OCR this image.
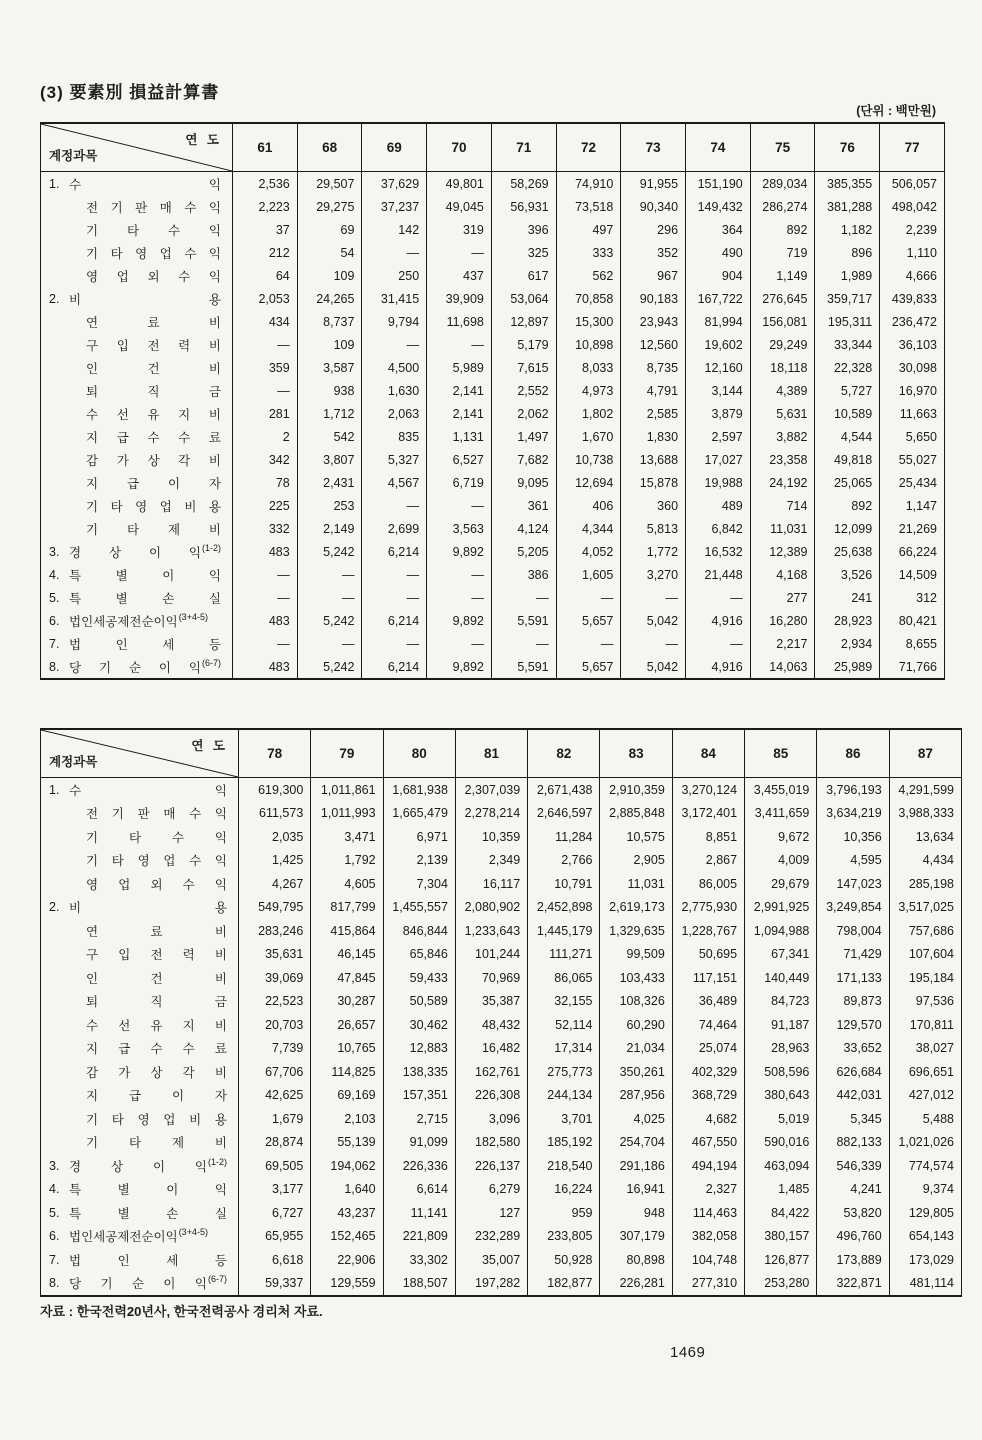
(3) 要素別 損益計算書
(단위 : 백만원)
연 도
계정과목	61	68	69	70	71	72	73	74	75	76	77

1. 수 익	2,536	29,507	37,629	49,801	58,269	74,910	91,955	151,190	289,034	385,355	506,057

전 기 판 매 수 익	2,223	29,275	37,237	49,045	56,931	73,518	90,340	149,432	286,274	381,288	498,042

기 타 수 익	37	69	142	319	396	497	296	364	892	1,182	2,239

기 타 영 업 수 익	212	54	—	—	325	333	352	490	719	896	1,110

영 업 외 수 익	64	109	250	437	617	562	967	904	1,149	1,989	4,666

2. 비 용	2,053	24,265	31,415	39,909	53,064	70,858	90,183	167,722	276,645	359,717	439,833

연 료 비	434	8,737	9,794	11,698	12,897	15,300	23,943	81,994	156,081	195,311	236,472

구 입 전 력 비	—	109	—	—	5,179	10,898	12,560	19,602	29,249	33,344	36,103

인 건 비	359	3,587	4,500	5,989	7,615	8,033	8,735	12,160	18,118	22,328	30,098

퇴 직 금	—	938	1,630	2,141	2,552	4,973	4,791	3,144	4,389	5,727	16,970

수 선 유 지 비	281	1,712	2,063	2,141	2,062	1,802	2,585	3,879	5,631	10,589	11,663

지 급 수 수 료	2	542	835	1,131	1,497	1,670	1,830	2,597	3,882	4,544	5,650

감 가 상 각 비	342	3,807	5,327	6,527	7,682	10,738	13,688	17,027	23,358	49,818	55,027

지 급 이 자	78	2,431	4,567	6,719	9,095	12,694	15,878	19,988	24,192	25,065	25,434

기 타 영 업 비 용	225	253	—	—	361	406	360	489	714	892	1,147

기 타 제 비	332	2,149	2,699	3,563	4,124	4,344	5,813	6,842	11,031	12,099	21,269

3. 경 상 이 익 (1-2)	483	5,242	6,214	9,892	5,205	4,052	1,772	16,532	12,389	25,638	66,224

4. 특 별 이 익	—	—	—	—	386	1,605	3,270	21,448	4,168	3,526	14,509

5. 특 별 손 실	—	—	—	—	—	—	—	—	277	241	312

6. 법인세공제전순이익 (3+4-5)	483	5,242	6,214	9,892	5,591	5,657	5,042	4,916	16,280	28,923	80,421

7. 법 인 세 등	—	—	—	—	—	—	—	—	2,217	2,934	8,655

8. 당 기 순 이 익 (6-7)	483	5,242	6,214	9,892	5,591	5,657	5,042	4,916	14,063	25,989	71,766
연 도
계정과목	78	79	80	81	82	83	84	85	86	87

1. 수 익	619,300	1,011,861	1,681,938	2,307,039	2,671,438	2,910,359	3,270,124	3,455,019	3,796,193	4,291,599

전 기 판 매 수 익	611,573	1,011,993	1,665,479	2,278,214	2,646,597	2,885,848	3,172,401	3,411,659	3,634,219	3,988,333

기 타 수 익	2,035	3,471	6,971	10,359	11,284	10,575	8,851	9,672	10,356	13,634

기 타 영 업 수 익	1,425	1,792	2,139	2,349	2,766	2,905	2,867	4,009	4,595	4,434

영 업 외 수 익	4,267	4,605	7,304	16,117	10,791	11,031	86,005	29,679	147,023	285,198

2. 비 용	549,795	817,799	1,455,557	2,080,902	2,452,898	2,619,173	2,775,930	2,991,925	3,249,854	3,517,025

연 료 비	283,246	415,864	846,844	1,233,643	1,445,179	1,329,635	1,228,767	1,094,988	798,004	757,686

구 입 전 력 비	35,631	46,145	65,846	101,244	111,271	99,509	50,695	67,341	71,429	107,604

인 건 비	39,069	47,845	59,433	70,969	86,065	103,433	117,151	140,449	171,133	195,184

퇴 직 금	22,523	30,287	50,589	35,387	32,155	108,326	36,489	84,723	89,873	97,536

수 선 유 지 비	20,703	26,657	30,462	48,432	52,114	60,290	74,464	91,187	129,570	170,811

지 급 수 수 료	7,739	10,765	12,883	16,482	17,314	21,034	25,074	28,963	33,652	38,027

감 가 상 각 비	67,706	114,825	138,335	162,761	275,773	350,261	402,329	508,596	626,684	696,651

지 급 이 자	42,625	69,169	157,351	226,308	244,134	287,956	368,729	380,643	442,031	427,012

기 타 영 업 비 용	1,679	2,103	2,715	3,096	3,701	4,025	4,682	5,019	5,345	5,488

기 타 제 비	28,874	55,139	91,099	182,580	185,192	254,704	467,550	590,016	882,133	1,021,026

3. 경 상 이 익 (1-2)	69,505	194,062	226,336	226,137	218,540	291,186	494,194	463,094	546,339	774,574

4. 특 별 이 익	3,177	1,640	6,614	6,279	16,224	16,941	2,327	1,485	4,241	9,374

5. 특 별 손 실	6,727	43,237	11,141	127	959	948	114,463	84,422	53,820	129,805

6. 법인세공제전순이익 (3+4-5)	65,955	152,465	221,809	232,289	233,805	307,179	382,058	380,157	496,760	654,143

7. 법 인 세 등	6,618	22,906	33,302	35,007	50,928	80,898	104,748	126,877	173,889	173,029

8. 당 기 순 이 익 (6-7)	59,337	129,559	188,507	197,282	182,877	226,281	277,310	253,280	322,871	481,114
자료 : 한국전력20년사, 한국전력공사 경리처 자료.
1469
